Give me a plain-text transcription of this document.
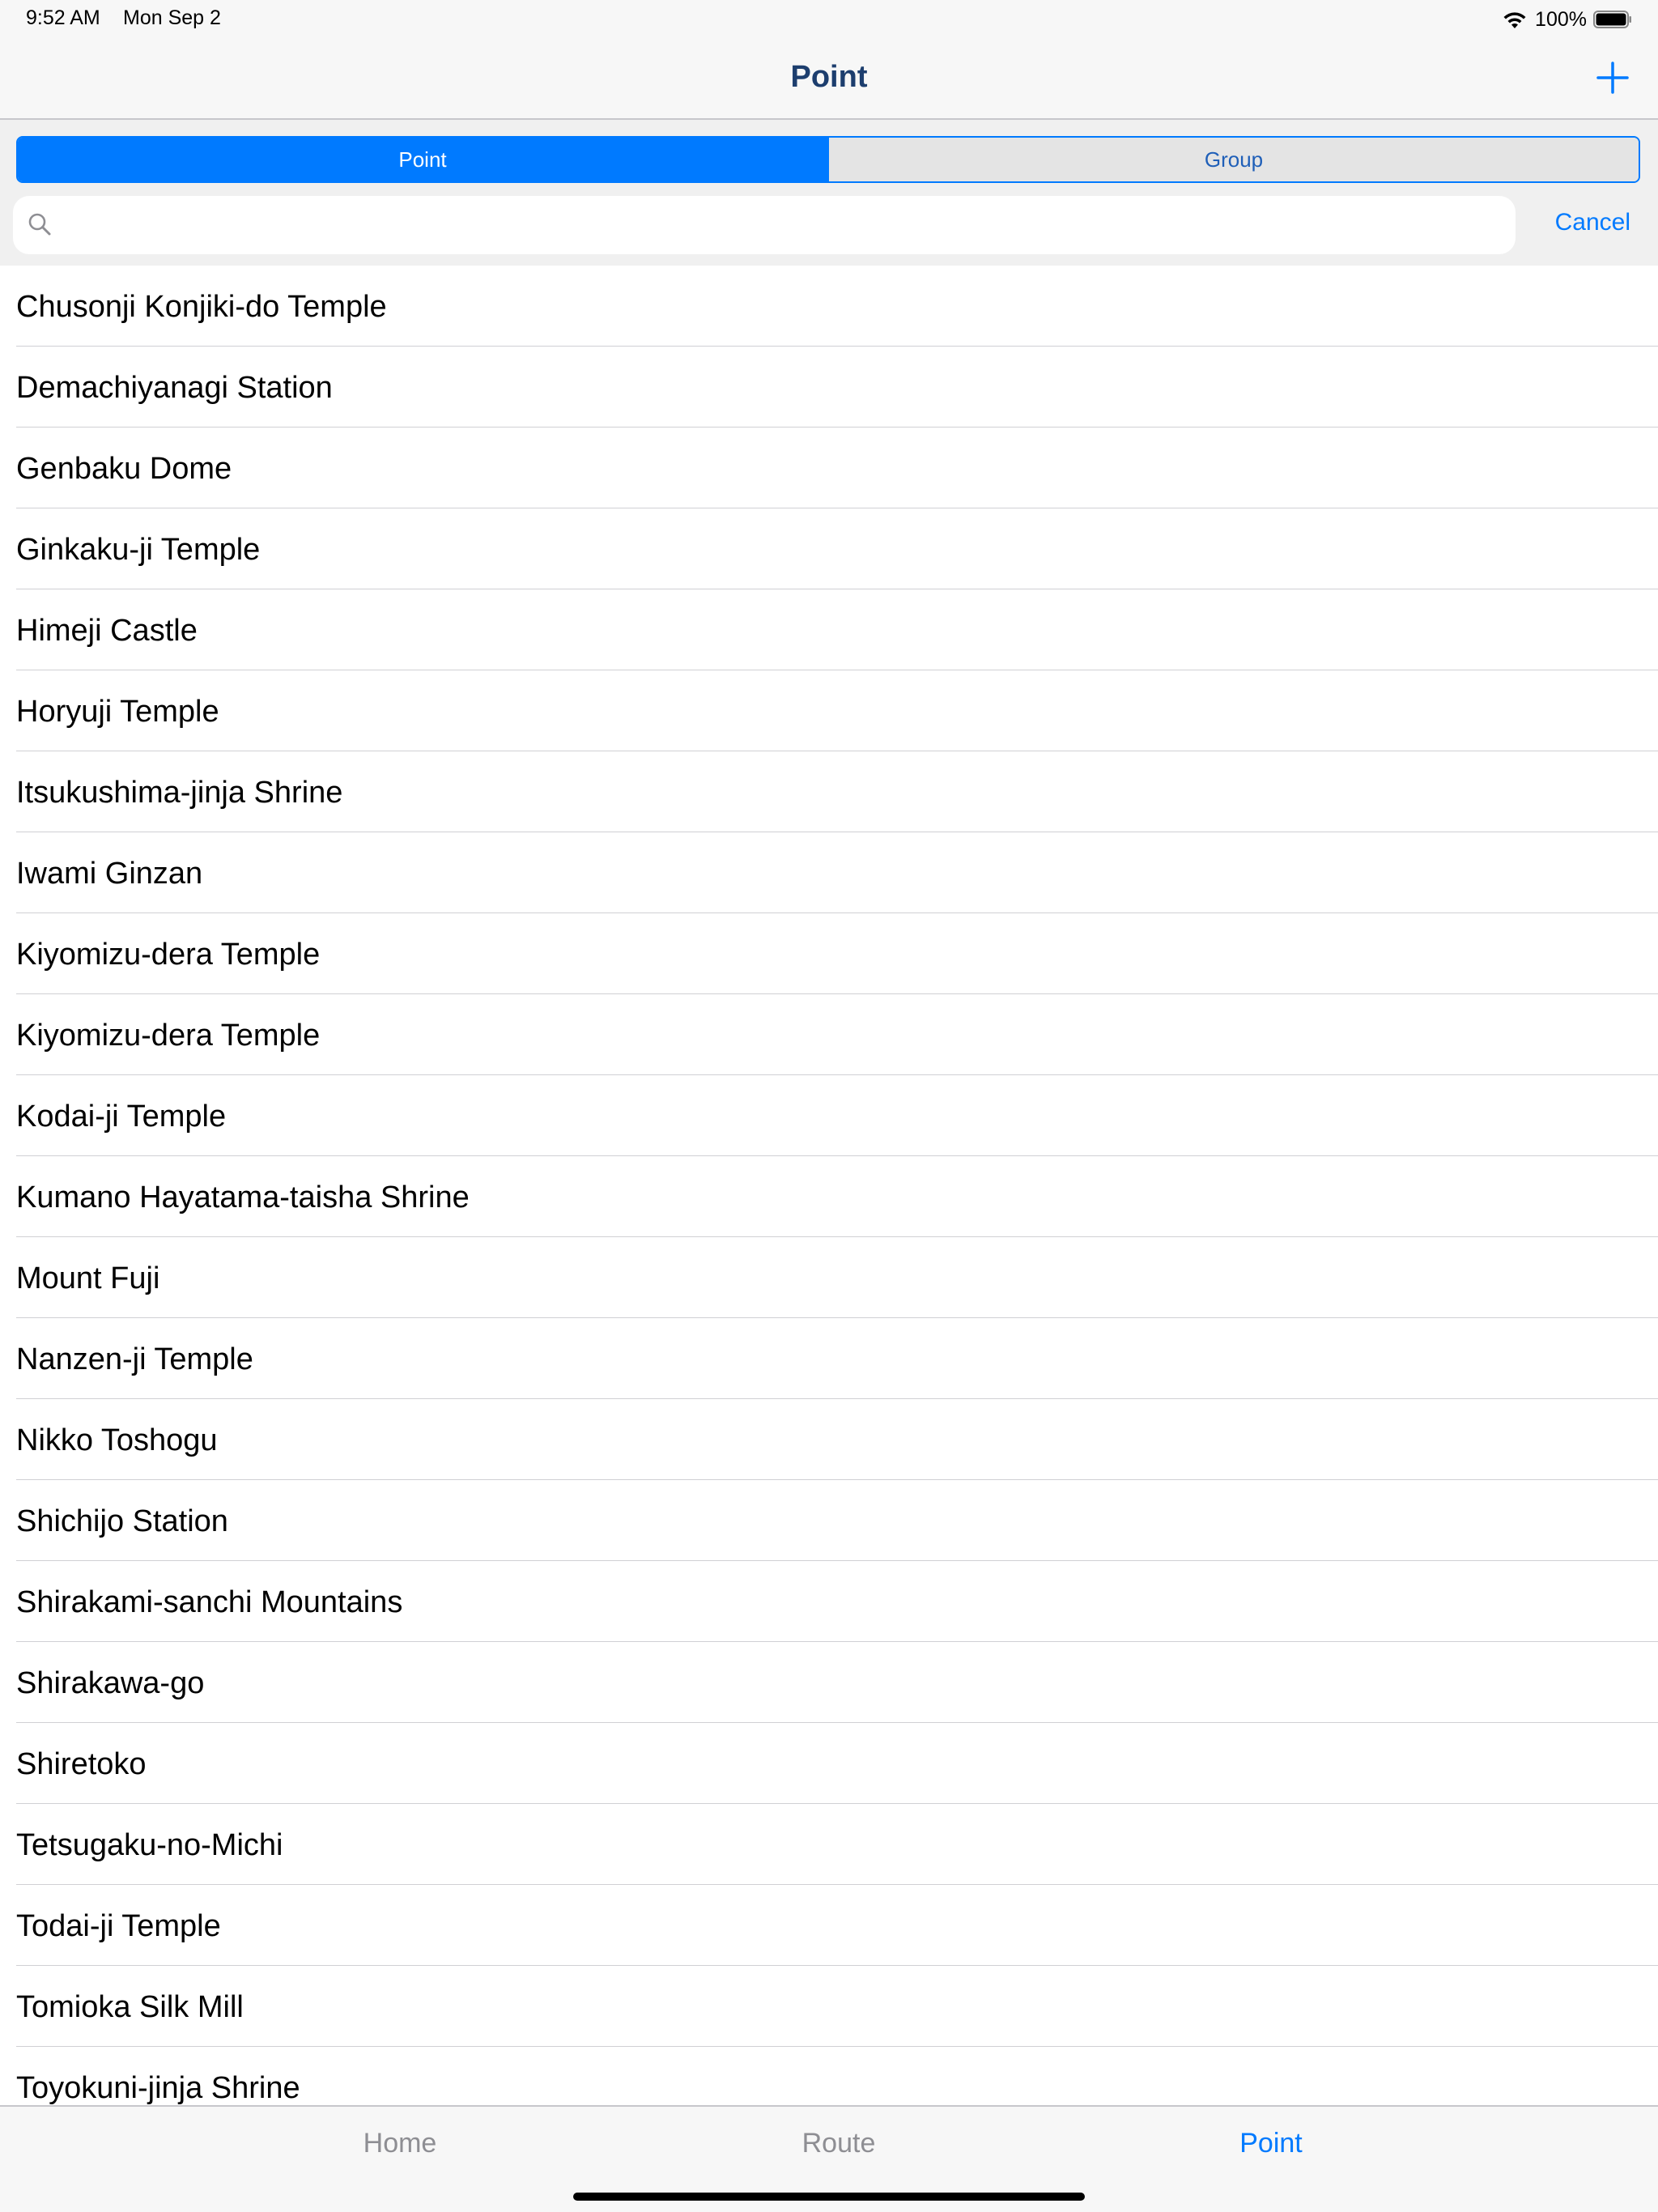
9:52 AM Mon Sep 2	100%
Point
Point	Group
Cancel
Chusonji Konjiki-do Temple
Demachiyanagi Station
Genbaku Dome
Ginkaku-ji Temple
Himeji Castle
Horyuji Temple
Itsukushima-jinja Shrine
Iwami Ginzan
Kiyomizu-dera Temple
Kiyomizu-dera Temple
Kodai-ji Temple
Kumano Hayatama-taisha Shrine
Mount Fuji
Nanzen-ji Temple
Nikko Toshogu
Shichijo Station
Shirakami-sanchi Mountains
Shirakawa-go
Shiretoko
Tetsugaku-no-Michi
Todai-ji Temple
Tomioka Silk Mill
Toyokuni-jinja Shrine
Home	Route	Point
